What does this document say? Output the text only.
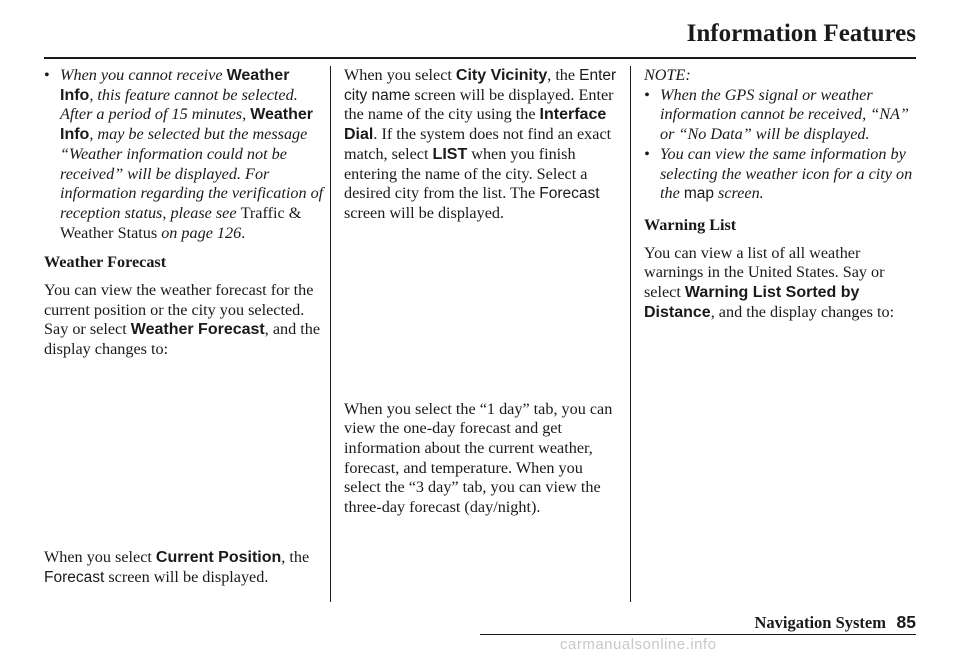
Information Features

• When you cannot receive Weather Info, this feature cannot be selected. After a period of 15 minutes, Weather Info, may be selected but the message “Weather information could not be received” will be displayed. For information regarding the verification of reception status, please see Traffic & Weather Status on page 126.

Weather Forecast

You can view the weather forecast for the current position or the city you selected. Say or select Weather Forecast, and the display changes to:

When you select Current Position, the Forecast screen will be displayed.

When you select City Vicinity, the Enter city name screen will be displayed. Enter the name of the city using the Interface Dial. If the system does not find an exact match, select LIST when you finish entering the name of the city. Select a desired city from the list. The Forecast screen will be displayed.

When you select the “1 day” tab, you can view the one-day forecast and get information about the current weather, forecast, and temperature. When you select the “3 day” tab, you can view the three-day forecast (day/night).

NOTE:

• When the GPS signal or weather information cannot be received, “NA” or “No Data” will be displayed.

• You can view the same information by selecting the weather icon for a city on the map screen.

Warning List

You can view a list of all weather warnings in the United States. Say or select Warning List Sorted by Distance, and the display changes to:

Navigation System 85
carmanualsonline.info
